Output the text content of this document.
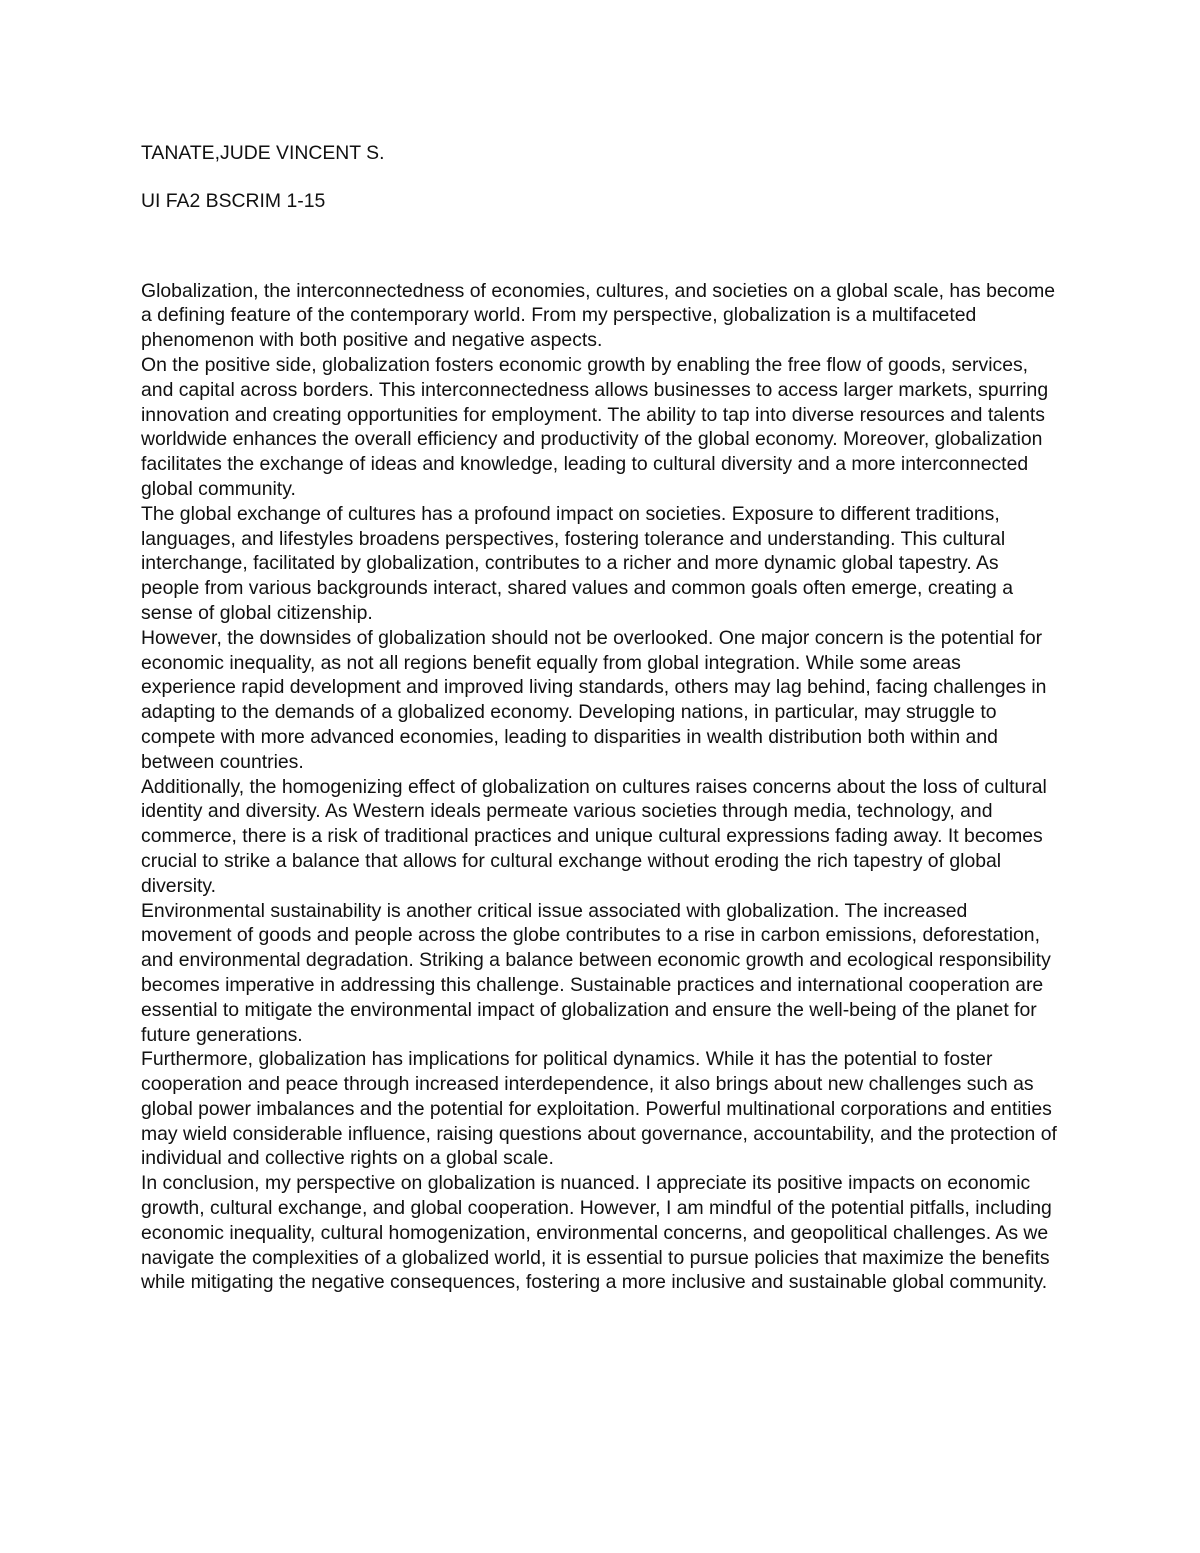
TANATE,JUDE VINCENT S.
UI FA2 BSCRIM 1-15

Globalization, the interconnectedness of economies, cultures, and societies on a global scale, has become a defining feature of the contemporary world. From my perspective, globalization is a multifaceted phenomenon with both positive and negative aspects.

On the positive side, globalization fosters economic growth by enabling the free flow of goods, services, and capital across borders. This interconnectedness allows businesses to access larger markets, spurring innovation and creating opportunities for employment. The ability to tap into diverse resources and talents worldwide enhances the overall efficiency and productivity of the global economy. Moreover, globalization facilitates the exchange of ideas and knowledge, leading to cultural diversity and a more interconnected global community.

The global exchange of cultures has a profound impact on societies. Exposure to different traditions, languages, and lifestyles broadens perspectives, fostering tolerance and understanding. This cultural interchange, facilitated by globalization, contributes to a richer and more dynamic global tapestry. As people from various backgrounds interact, shared values and common goals often emerge, creating a sense of global citizenship.

However, the downsides of globalization should not be overlooked. One major concern is the potential for economic inequality, as not all regions benefit equally from global integration. While some areas experience rapid development and improved living standards, others may lag behind, facing challenges in adapting to the demands of a globalized economy. Developing nations, in particular, may struggle to compete with more advanced economies, leading to disparities in wealth distribution both within and between countries.

Additionally, the homogenizing effect of globalization on cultures raises concerns about the loss of cultural identity and diversity. As Western ideals permeate various societies through media, technology, and commerce, there is a risk of traditional practices and unique cultural expressions fading away. It becomes crucial to strike a balance that allows for cultural exchange without eroding the rich tapestry of global diversity.

Environmental sustainability is another critical issue associated with globalization. The increased movement of goods and people across the globe contributes to a rise in carbon emissions, deforestation, and environmental degradation. Striking a balance between economic growth and ecological responsibility becomes imperative in addressing this challenge. Sustainable practices and international cooperation are essential to mitigate the environmental impact of globalization and ensure the well-being of the planet for future generations.

Furthermore, globalization has implications for political dynamics. While it has the potential to foster cooperation and peace through increased interdependence, it also brings about new challenges such as global power imbalances and the potential for exploitation. Powerful multinational corporations and entities may wield considerable influence, raising questions about governance, accountability, and the protection of individual and collective rights on a global scale.

In conclusion, my perspective on globalization is nuanced. I appreciate its positive impacts on economic growth, cultural exchange, and global cooperation. However, I am mindful of the potential pitfalls, including economic inequality, cultural homogenization, environmental concerns, and geopolitical challenges. As we navigate the complexities of a globalized world, it is essential to pursue policies that maximize the benefits while mitigating the negative consequences, fostering a more inclusive and sustainable global community.
